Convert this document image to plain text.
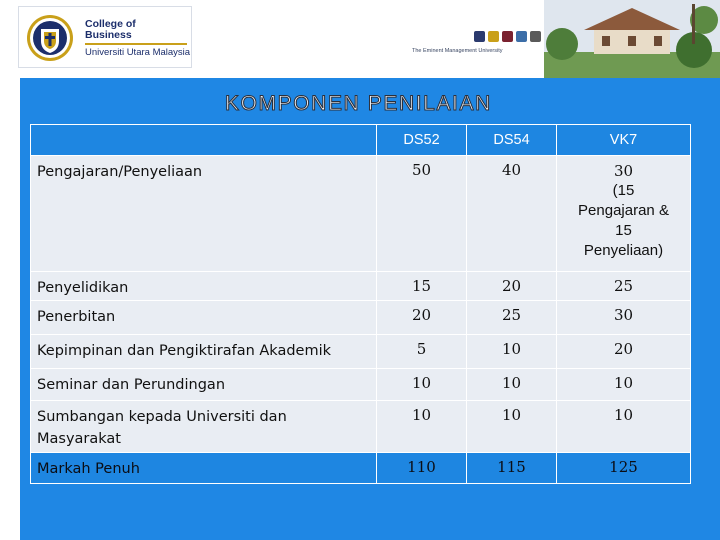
College of
Business
Universiti Utara Malaysia	The Eminent Management University
KOMPONEN PENILAIAN
	DS52	DS54	VK7
Pengajaran/Penyeliaan	50	40	30
(15
Pengajaran &
15
Penyeliaan)

Penyelidikan	15	20	25
Penerbitan	20	25	30
Kepimpinan dan Pengiktirafan Akademik	5	10	20
Seminar dan Perundingan	10	10	10
Sumbangan kepada Universiti dan Masyarakat	10	10	10
Markah Penuh	110	115	125
